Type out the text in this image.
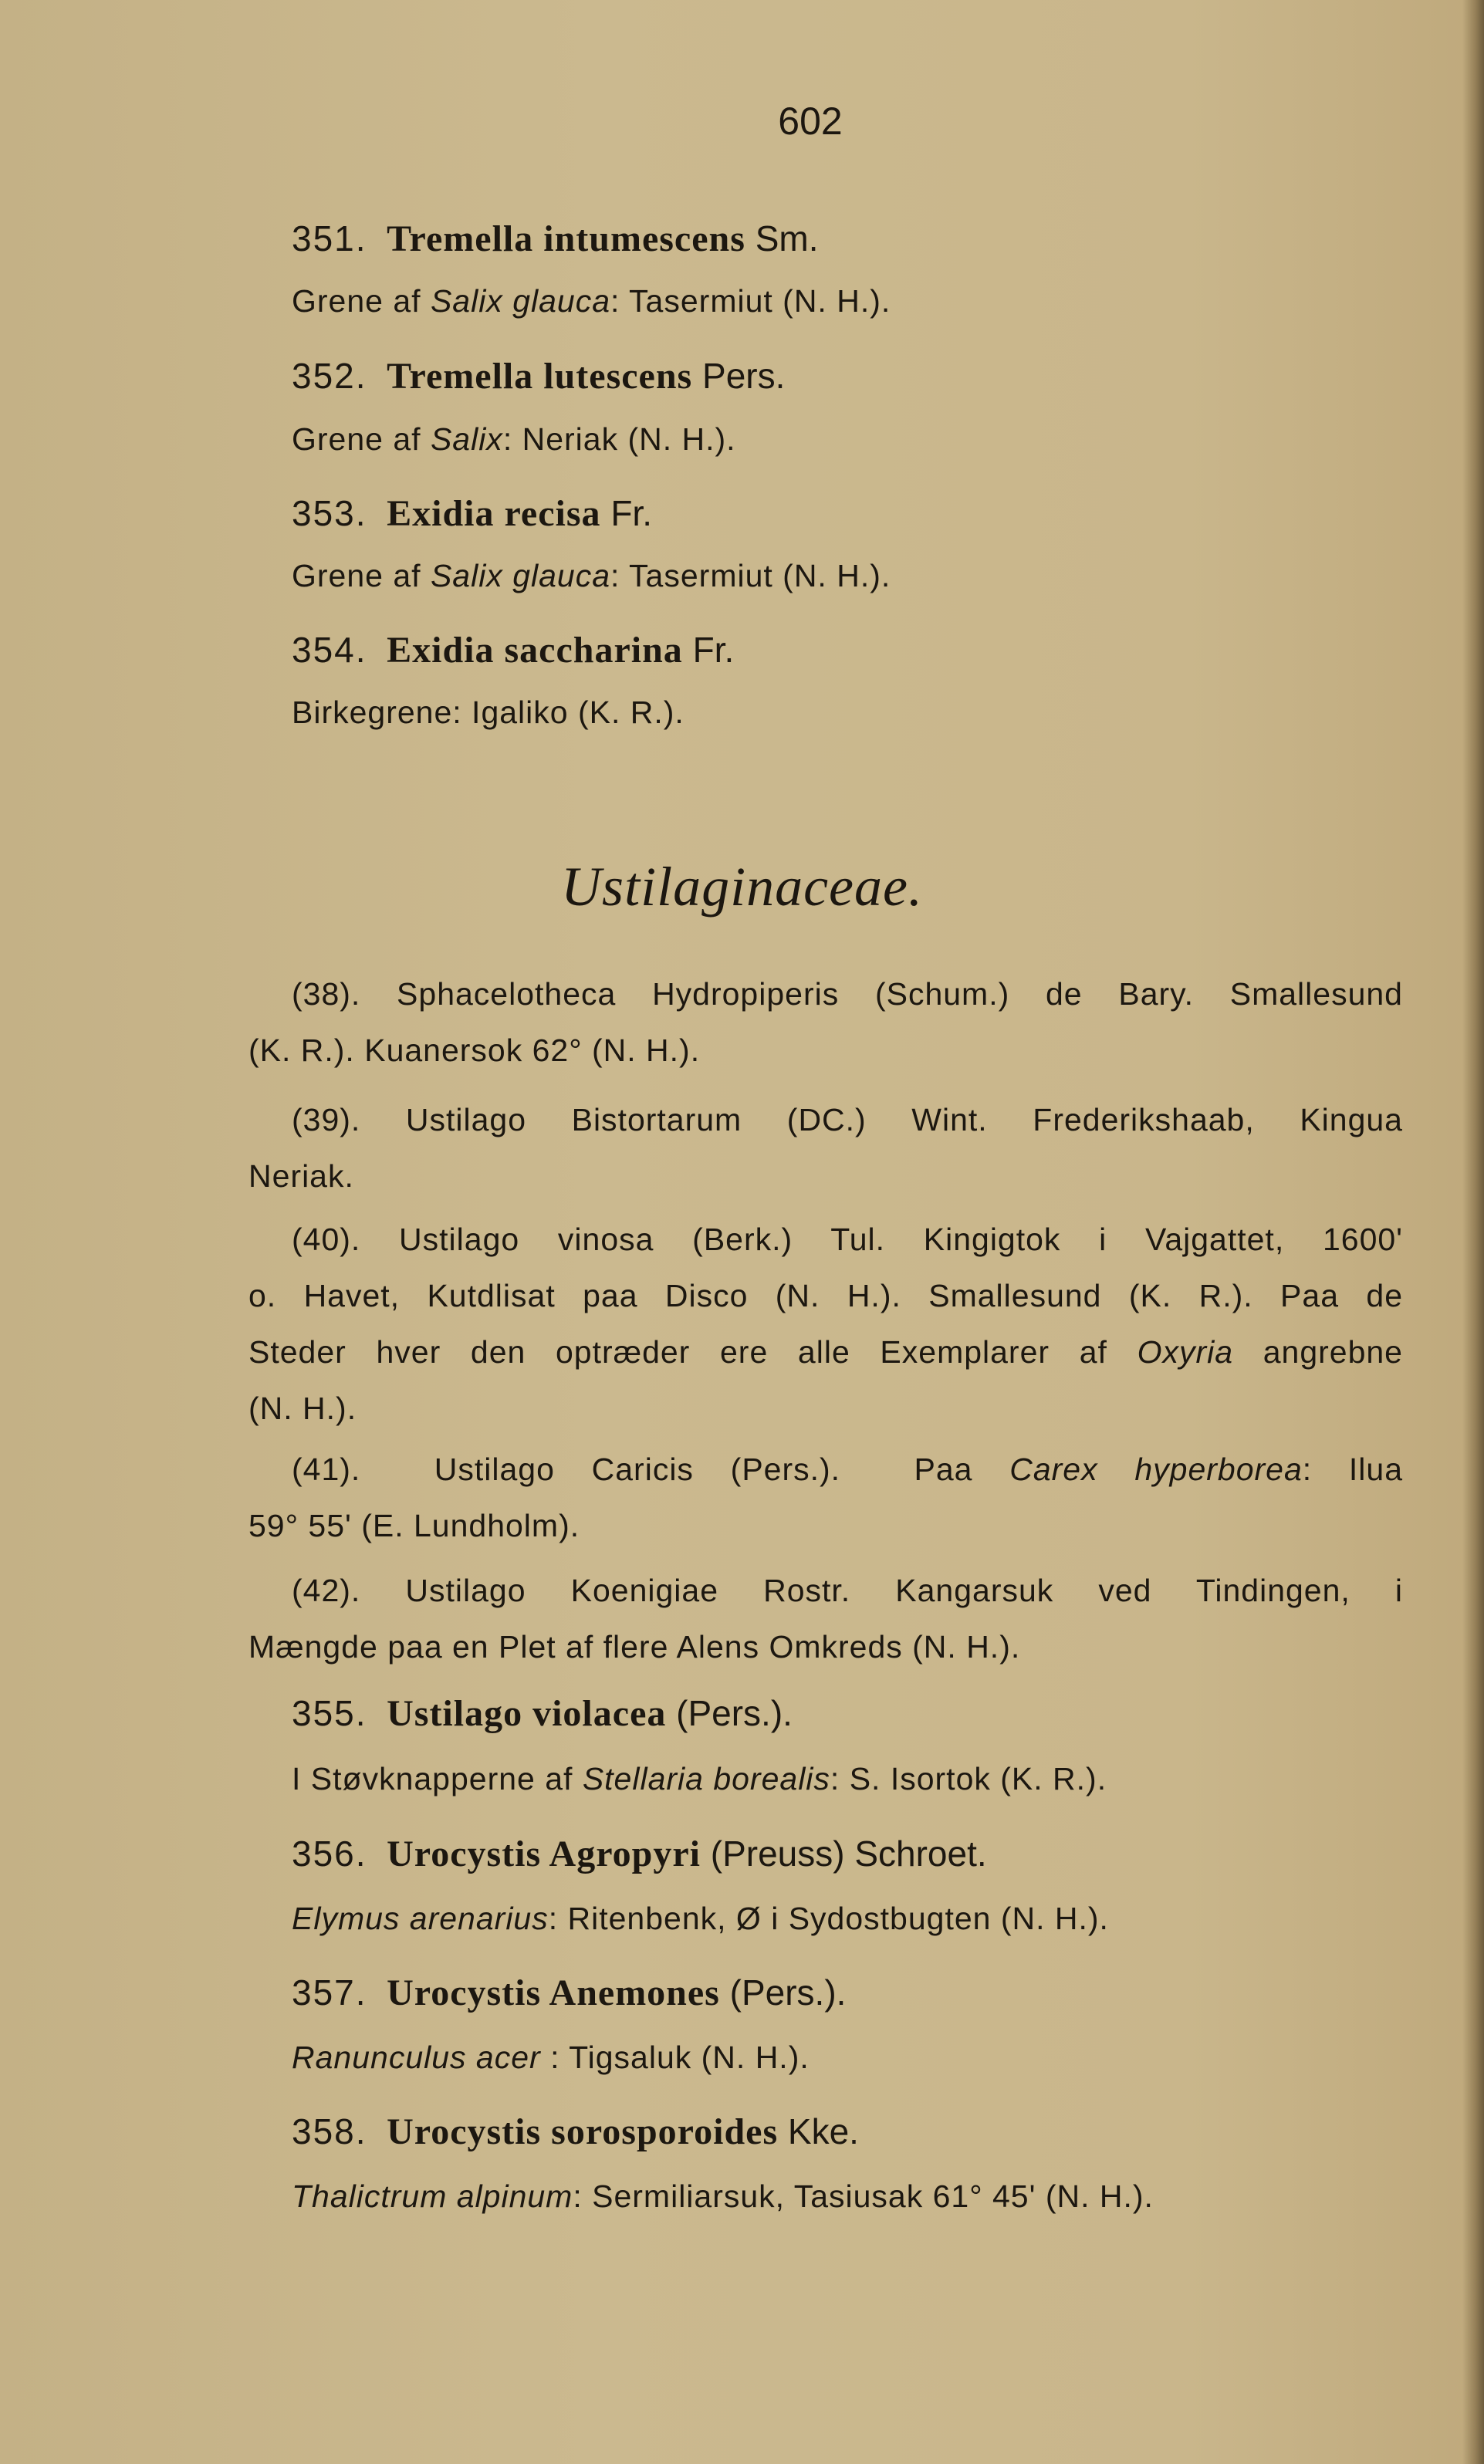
602
351. Tremella intumescens Sm.
Grene af Salix glauca: Tasermiut (N. H.).
352. Tremella lutescens Pers.
Grene af Salix: Neriak (N. H.).
353. Exidia recisa Fr.
Grene af Salix glauca: Tasermiut (N. H.).
354. Exidia saccharina Fr.
Birkegrene: Igaliko (K. R.).
Ustilaginaceae.
(38). Sphacelotheca Hydropiperis (Schum.) de Bary. Smallesund
(K. R.). Kuanersok 62° (N. H.).
(39). Ustilago Bistortarum (DC.) Wint. Frederikshaab, Kingua
Neriak.
(40). Ustilago vinosa (Berk.) Tul. Kingigtok i Vajgattet, 1600'
o. Havet, Kutdlisat paa Disco (N. H.). Smallesund (K. R.). Paa de
Steder hver den optræder ere alle Exemplarer af Oxyria angrebne
(N. H.).
(41).  Ustilago Caricis (Pers.).  Paa Carex hyperborea: Ilua
59° 55' (E. Lundholm).
(42). Ustilago Koenigiae Rostr. Kangarsuk ved Tindingen, i
Mængde paa en Plet af flere Alens Omkreds (N. H.).
355. Ustilago violacea (Pers.).
I Støvknapperne af Stellaria borealis: S. Isortok (K. R.).
356. Urocystis Agropyri (Preuss) Schroet.
Elymus arenarius: Ritenbenk, Ø i Sydostbugten (N. H.).
357. Urocystis Anemones (Pers.).
Ranunculus acer : Tigsaluk (N. H.).
358. Urocystis sorosporoides Kke.
Thalictrum alpinum: Sermiliarsuk, Tasiusak 61° 45' (N. H.).
